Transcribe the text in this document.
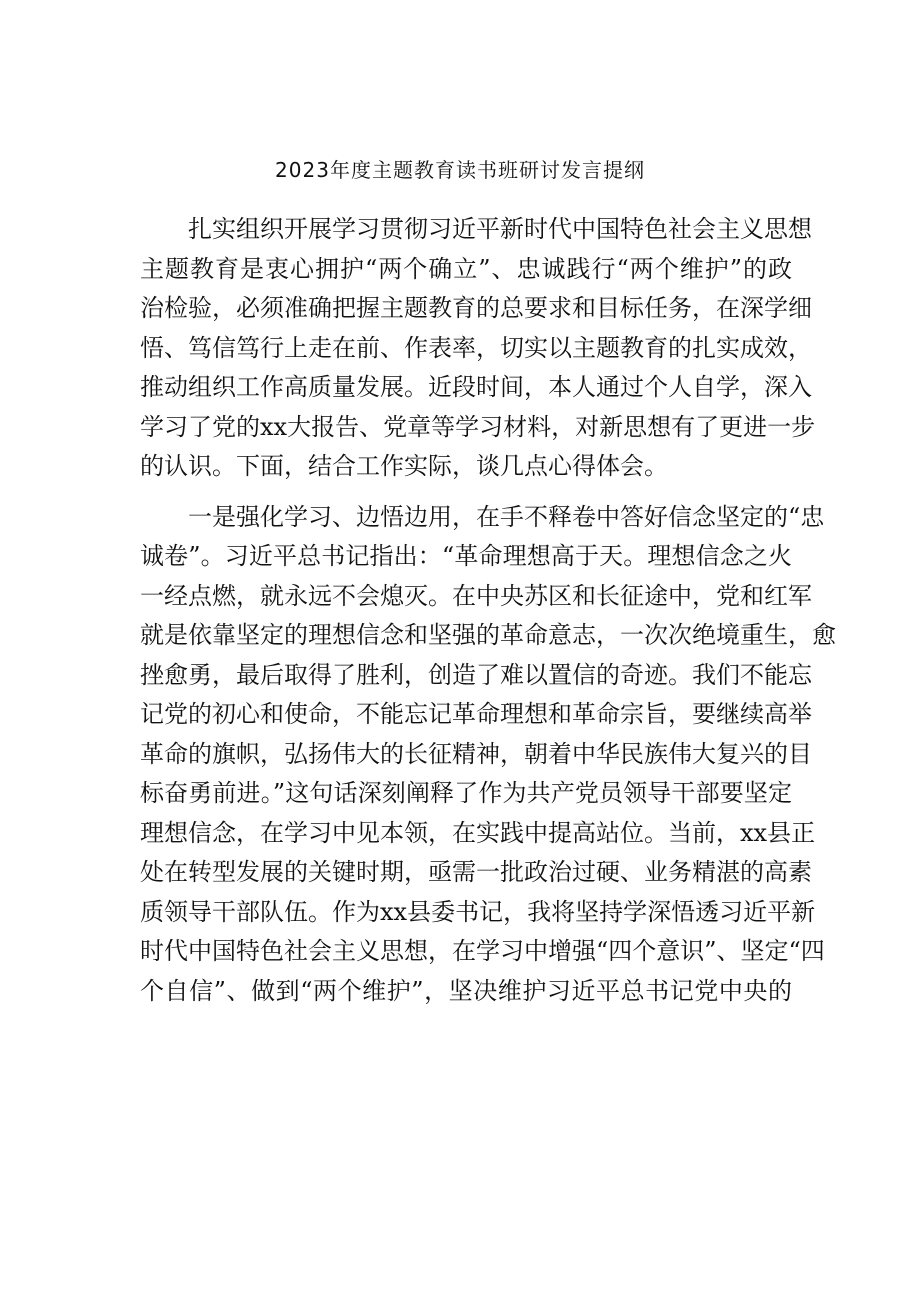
2023年度主题教育读书班研讨发言提纲

　　扎实组织开展学习贯彻习近平新时代中国特色社会主义思想
主题教育是衷心拥护“两个确立”、忠诚践行“两个维护”的政
治检验，必须准确把握主题教育的总要求和目标任务，在深学细
悟、笃信笃行上走在前、作表率，切实以主题教育的扎实成效，
推动组织工作高质量发展。近段时间，本人通过个人自学，深入
学习了党的xx大报告、党章等学习材料，对新思想有了更进一步
的认识。下面，结合工作实际，谈几点心得体会。

　　一是强化学习、边悟边用，在手不释卷中答好信念坚定的“忠
诚卷”。习近平总书记指出：“革命理想高于天。理想信念之火
一经点燃，就永远不会熄灭。在中央苏区和长征途中，党和红军
就是依靠坚定的理想信念和坚强的革命意志，一次次绝境重生，愈
挫愈勇，最后取得了胜利，创造了难以置信的奇迹。我们不能忘
记党的初心和使命，不能忘记革命理想和革命宗旨，要继续高举
革命的旗帜，弘扬伟大的长征精神，朝着中华民族伟大复兴的目
标奋勇前进。”这句话深刻阐释了作为共产党员领导干部要坚定
理想信念，在学习中见本领，在实践中提高站位。当前，xx县正
处在转型发展的关键时期，亟需一批政治过硬、业务精湛的高素
质领导干部队伍。作为xx县委书记，我将坚持学深悟透习近平新
时代中国特色社会主义思想，在学习中增强“四个意识”、坚定“四
个自信”、做到“两个维护”，坚决维护习近平总书记党中央的
